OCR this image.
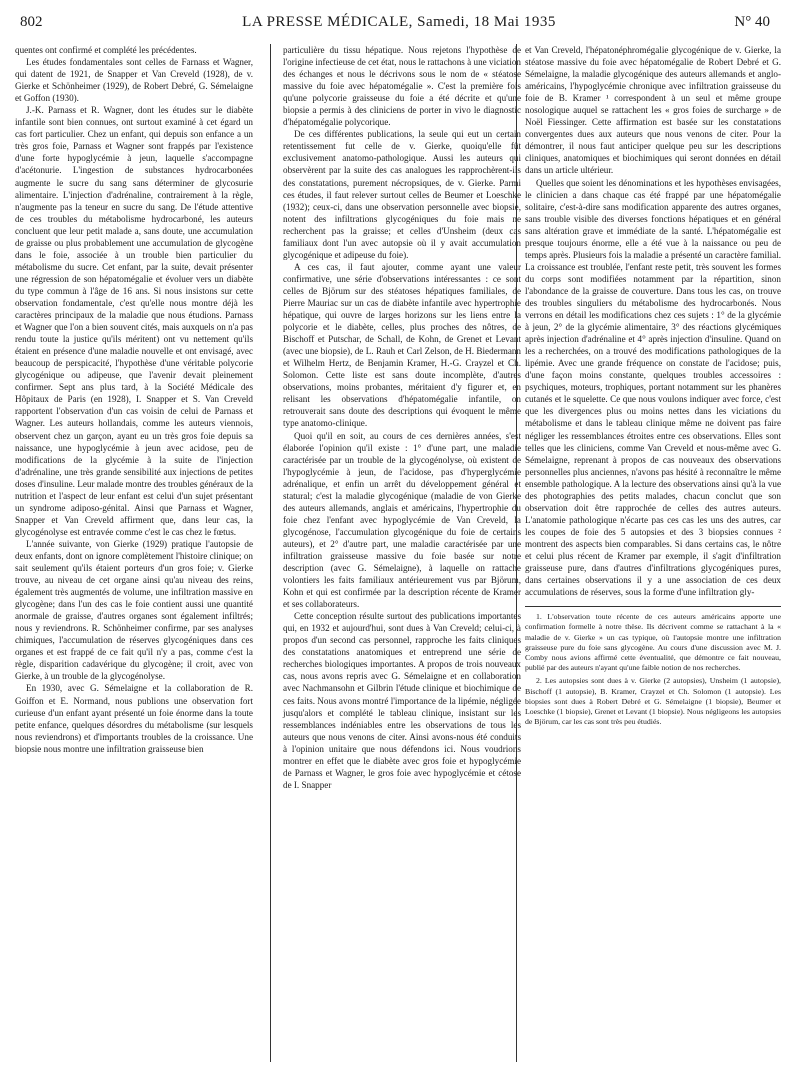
802	LA PRESSE MÉDICALE, Samedi, 18 Mai 1935	N° 40

quentes ont confirmé et complété les précédentes.

Les études fondamentales sont celles de Farnass et Wagner, qui datent de 1921, de Snapper et Van Creveld (1928), de v. Gierke et Schönheimer (1929), de Robert Debré, G. Sémelaigne et Goffon (1930).

J.-K. Parnass et R. Wagner, dont les études sur le diabète infantile sont bien connues, ont surtout examiné à cet égard un cas fort particulier. Chez un enfant, qui depuis son enfance a un très gros foie, Parnass et Wagner sont frappés par l'existence d'une forte hypoglycémie à jeun, laquelle s'accompagne d'acétonurie. L'ingestion de substances hydrocarbonées augmente le sucre du sang sans déterminer de glycosurie alimentaire. L'injection d'adrénaline, contrairement à la règle, n'augmente pas la teneur en sucre du sang. De l'étude attentive de ces troubles du métabolisme hydrocarboné, les auteurs concluent que leur petit malade a, sans doute, une accumulation de graisse ou plus probablement une accumulation de glycogène dans le foie, associée à un trouble bien particulier du métabolisme du sucre. Cet enfant, par la suite, devait présenter une régression de son hépatomégalie et évoluer vers un diabète du type commun à l'âge de 16 ans. Si nous insistons sur cette observation fondamentale, c'est qu'elle nous montre déjà les caractères principaux de la maladie que nous étudions. Parnass et Wagner que l'on a bien souvent cités, mais auxquels on n'a pas rendu toute la justice qu'ils méritent) ont vu nettement qu'ils étaient en présence d'une maladie nouvelle et ont envisagé, avec beaucoup de perspicacité, l'hypothèse d'une véritable polycorie glycogénique ou adipeuse, que l'avenir devait pleinement confirmer. Sept ans plus tard, à la Société Médicale des Hôpitaux de Paris (en 1928), I. Snapper et S. Van Creveld rapportent l'observation d'un cas voisin de celui de Parnass et Wagner. Les auteurs hollandais, comme les auteurs viennois, observent chez un garçon, ayant eu un très gros foie depuis sa naissance, une hypoglycémie à jeun avec acidose, peu de modifications de la glycémie à la suite de l'injection d'adrénaline, une très grande sensibilité aux injections de petites doses d'insuline. Leur malade montre des troubles généraux de la nutrition et l'aspect de leur enfant est celui d'un sujet présentant un syndrome adiposo-génital. Ainsi que Parnass et Wagner, Snapper et Van Creveld affirment que, dans leur cas, la glycogénolyse est entravée comme c'est le cas chez le fœtus.

L'année suivante, von Gierke (1929) pratique l'autopsie de deux enfants, dont on ignore complètement l'histoire clinique; on sait seulement qu'ils étaient porteurs d'un gros foie; v. Gierke trouve, au niveau de cet organe ainsi qu'au niveau des reins, également très augmentés de volume, une infiltration massive en glycogène; dans l'un des cas le foie contient aussi une quantité anormale de graisse, d'autres organes sont également infiltrés; nous y reviendrons. R. Schönheimer confirme, par ses analyses chimiques, l'accumulation de réserves glycogéniques dans ces organes et est frappé de ce fait qu'il n'y a pas, comme c'est la règle, disparition cadavérique du glycogène; il croit, avec von Gierke, à un trouble de la glycogénolyse.

En 1930, avec G. Sémelaigne et la collaboration de R. Goiffon et E. Normand, nous publions une observation fort curieuse d'un enfant ayant présenté un foie énorme dans la toute petite enfance, quelques désordres du métabolisme (sur lesquels nous reviendrons) et d'importants troubles de la croissance. Une biopsie nous montre une infiltration graisseuse bien

particulière du tissu hépatique. Nous rejetons l'hypothèse de l'origine infectieuse de cet état, nous le rattachons à une viciation des échanges et nous le décrivons sous le nom de « stéatose massive du foie avec hépatomégalie ». C'est la première fois qu'une polycorie graisseuse du foie a été décrite et qu'une biopsie a permis à des cliniciens de porter in vivo le diagnostic d'hépatomégalie polycorique.

De ces différentes publications, la seule qui eut un certain retentissement fut celle de v. Gierke, quoiqu'elle fût exclusivement anatomo-pathologique. Aussi les auteurs qui observèrent par la suite des cas analogues les rapprochèrent-ils des constatations, purement nécropsiques, de v. Gierke. Parmi ces études, il faut relever surtout celles de Beumer et Loeschke (1932); ceux-ci, dans une observation personnelle avec biopsie, notent des infiltrations glycogéniques du foie mais ne recherchent pas la graisse; et celles d'Unsheim (deux cas familiaux dont l'un avec autopsie où il y avait accumulation glycogénique et adipeuse du foie).

A ces cas, il faut ajouter, comme ayant une valeur confirmative, une série d'observations intéressantes : ce sont celles de Björum sur des stéatoses hépatiques familiales, de Pierre Mauriac sur un cas de diabète infantile avec hypertrophie hépatique, qui ouvre de larges horizons sur les liens entre la polycorie et le diabète, celles, plus proches des nôtres, de Bischoff et Putschar, de Schall, de Kohn, de Grenet et Levant (avec une biopsie), de L. Rauh et Carl Zelson, de H. Biedermann et Wilhelm Hertz, de Benjamin Kramer, H.-G. Crayzel et Ch. Solomon. Cette liste est sans doute incomplète, d'autres observations, moins probantes, méritaient d'y figurer et, en relisant les observations d'hépatomégalie infantile, on retrouverait sans doute des descriptions qui évoquent le même type anatomo-clinique.

Quoi qu'il en soit, au cours de ces dernières années, s'est élaborée l'opinion qu'il existe : 1° d'une part, une maladie caractérisée par un trouble de la glycogénolyse, où existent de l'hypoglycémie à jeun, de l'acidose, pas d'hyperglycémie adrénalique, et enfin un arrêt du développement général et statural; c'est la maladie glycogénique (maladie de von Gierke des auteurs allemands, anglais et américains, l'hypertrophie du foie chez l'enfant avec hypoglycémie de Van Creveld, la glycogénose, l'accumulation glycogénique du foie de certains auteurs), et 2° d'autre part, une maladie caractérisée par une infiltration graisseuse massive du foie basée sur notre description (avec G. Sémelaigne), à laquelle on rattache volontiers les faits familiaux antérieurement vus par Björum, Kohn et qui est confirmée par la description récente de Kramer et ses collaborateurs.

Cette conception résulte surtout des publications importantes qui, en 1932 et aujourd'hui, sont dues à Van Creveld; celui-ci, à propos d'un second cas personnel, rapproche les faits cliniques des constatations anatomiques et entreprend une série de recherches biologiques importantes. A propos de trois nouveaux cas, nous avons repris avec G. Sémelaigne et en collaboration avec Nachmansohn et Gilbrin l'étude clinique et biochimique de ces faits. Nous avons montré l'importance de la lipémie, négligée jusqu'alors et complété le tableau clinique, insistant sur les ressemblances indéniables entre les observations de tous les auteurs que nous venons de citer. Ainsi avons-nous été conduits à l'opinion unitaire que nous défendons ici. Nous voudrions montrer en effet que le diabète avec gros foie et hypoglycémie de Parnass et Wagner, le gros foie avec hypoglycémie et cétose de I. Snapper

et Van Creveld, l'hépatonéphromégalie glycogénique de v. Gierke, la stéatose massive du foie avec hépatomégalie de Robert Debré et G. Sémelaigne, la maladie glycogénique des auteurs allemands et anglo-américains, l'hypoglycémie chronique avec infiltration graisseuse du foie de B. Kramer ¹ correspondent à un seul et même groupe nosologique auquel se rattachent les « gros foies de surcharge » de Noël Fiessinger. Cette affirmation est basée sur les constatations convergentes dues aux auteurs que nous venons de citer. Pour la démontrer, il nous faut anticiper quelque peu sur les descriptions cliniques, anatomiques et biochimiques qui seront données en détail dans un article ultérieur.

Quelles que soient les dénominations et les hypothèses envisagées, le clinicien a dans chaque cas été frappé par une hépatomégalie solitaire, c'est-à-dire sans modification apparente des autres organes, sans trouble visible des diverses fonctions hépatiques et en général sans altération grave et immédiate de la santé. L'hépatomégalie est presque toujours énorme, elle a été vue à la naissance ou peu de temps après. Plusieurs fois la maladie a présenté un caractère familial. La croissance est troublée, l'enfant reste petit, très souvent les formes du corps sont modifiées notamment par la répartition, sinon l'abondance de la graisse de couverture. Dans tous les cas, on trouve des troubles singuliers du métabolisme des hydrocarbonés. Nous verrons en détail les modifications chez ces sujets : 1° de la glycémie à jeun, 2° de la glycémie alimentaire, 3° des réactions glycémiques après injection d'adrénaline et 4° après injection d'insuline. Quand on les a recherchées, on a trouvé des modifications pathologiques de la lipémie. Avec une grande fréquence on constate de l'acidose; puis, d'une façon moins constante, quelques troubles accessoires : psychiques, moteurs, trophiques, portant notamment sur les phanères cutanés et le squelette. Ce que nous voulons indiquer avec force, c'est que les divergences plus ou moins nettes dans les viciations du métabolisme et dans le tableau clinique même ne doivent pas faire négliger les ressemblances étroites entre ces observations. Elles sont telles que les cliniciens, comme Van Creveld et nous-même avec G. Sémelaigne, reprenant à propos de cas nouveaux des observations personnelles plus anciennes, n'avons pas hésité à reconnaître le même ensemble pathologique. A la lecture des observations ainsi qu'à la vue des photographies des petits malades, chacun conclut que son observation doit être rapprochée de celles des autres auteurs. L'anatomie pathologique n'écarte pas ces cas les uns des autres, car les coupes de foie des 5 autopsies et des 3 biopsies connues ² montrent des aspects bien comparables. Si dans certains cas, le nôtre et celui plus récent de Kramer par exemple, il s'agit d'infiltration graisseuse pure, dans d'autres d'infiltrations glycogéniques pures, dans certaines observations il y a une association de ces deux accumulations de réserves, sous la forme d'une infiltration gly-

1. L'observation toute récente de ces auteurs américains apporte une confirmation formelle à notre thèse. Ils décrivent comme se rattachant à la « maladie de v. Gierke » un cas typique, où l'autopsie montre une infiltration graisseuse pure du foie sans glycogène. Au cours d'une discussion avec M. J. Comby nous avions affirmé cette éventualité, que démontre ce fait nouveau, publié par des auteurs n'ayant qu'une faible notion de nos recherches.

2. Les autopsies sont dues à v. Gierke (2 autopsies), Unsheim (1 autopsie), Bischoff (1 autopsie), B. Kramer, Crayzel et Ch. Solomon (1 autopsie). Les biopsies sont dues à Robert Debré et G. Sémelaigne (1 biopsie), Beumer et Loeschke (1 biopsie), Grenet et Levant (1 biopsie). Nous négligeons les autopsies de Björum, car les cas sont très peu étudiés.
